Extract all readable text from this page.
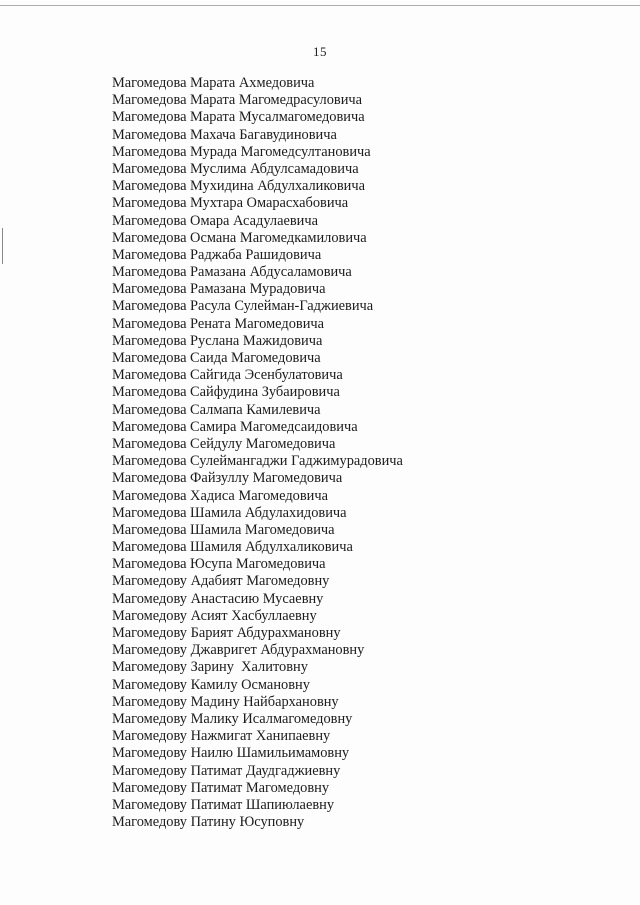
15
Магомедова Марата Ахмедовича
Магомедова Марата Магомедрасуловича
Магомедова Марата Мусалмагомедовича
Магомедова Махача Багавудиновича
Магомедова Мурада Магомедсултановича
Магомедова Муслима Абдулсамадовича
Магомедова Мухидина Абдулхаликовича
Магомедова Мухтара Омарасхабовича
Магомедова Омара Асадулаевича
Магомедова Османа Магомедкамиловича
Магомедова Раджаба Рашидовича
Магомедова Рамазана Абдусаламовича
Магомедова Рамазана Мурадовича
Магомедова Расула Сулейман-Гаджиевича
Магомедова Рената Магомедовича
Магомедова Руслана Мажидовича
Магомедова Саида Магомедовича
Магомедова Сайгида Эсенбулатовича
Магомедова Сайфудина Зубаировича
Магомедова Салмапа Камилевича
Магомедова Самира Магомедсаидовича
Магомедова Сейдулу Магомедовича
Магомедова Сулеймангаджи Гаджимурадовича
Магомедова Файзуллу Магомедовича
Магомедова Хадиса Магомедовича
Магомедова Шамила Абдулахидовича
Магомедова Шамила Магомедовича
Магомедова Шамиля Абдулхаликовича
Магомедова Юсупа Магомедовича
Магомедову Адабият Магомедовну
Магомедову Анастасию Мусаевну
Магомедову Асият Хасбуллаевну
Магомедову Барият Абдурахмановну
Магомедову Джавригет Абдурахмановну
Магомедову Зарину  Халитовну
Магомедову Камилу Османовну
Магомедову Мадину Найбархановну
Магомедову Малику Исалмагомедовну
Магомедову Нажмигат Ханипаевну
Магомедову Наилю Шамильимамовну
Магомедову Патимат Даудгаджиевну
Магомедову Патимат Магомедовну
Магомедову Патимат Шапиюлаевну
Магомедову Патину Юсуповну
